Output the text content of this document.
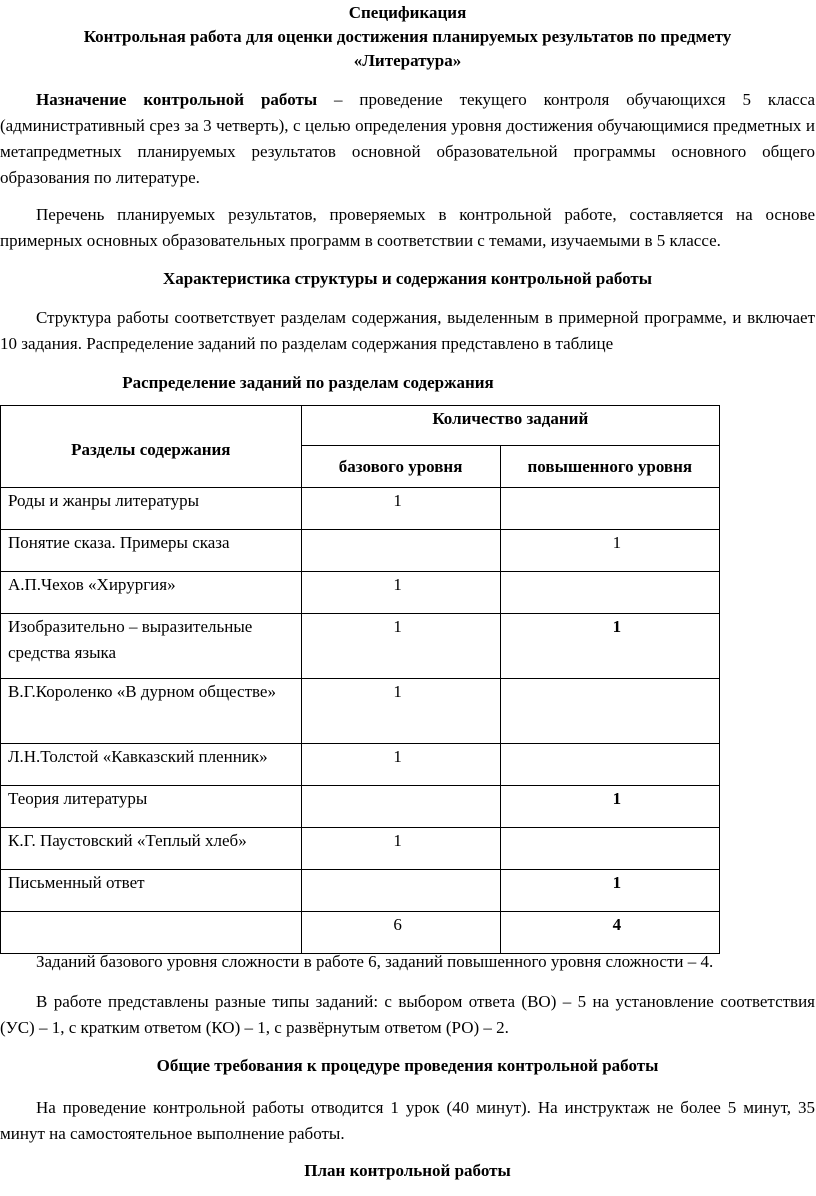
Спецификация

Контрольная работа для оценки достижения планируемых результатов по предмету

«Литература»

Назначение контрольной работы – проведение текущего контроля обучающихся 5 класса (административный срез за 3 четверть), с целью определения уровня достижения обучающимися предметных и метапредметных планируемых результатов основной образовательной программы основного общего образования по литературе.

Перечень планируемых результатов, проверяемых в контрольной работе, составляется на основе примерных основных образовательных программ в соответствии с темами, изучаемыми в 5 классе.

Характеристика структуры и содержания контрольной работы

Структура работы соответствует разделам содержания, выделенным в примерной программе, и включает 10 задания. Распределение заданий по разделам содержания представлено в таблице

Распределение заданий по разделам содержания

Разделы содержания	Количество заданий	
	базового уровня	повышенного уровня
Роды и жанры литературы	1	
Понятие сказа. Примеры сказа		1
А.П.Чехов «Хирургия»	1	
Изобразительно – выразительные средства языка	1	1
В.Г.Короленко «В дурном обществе»	1	
Л.Н.Толстой «Кавказский пленник»	1	
Теория литературы		1
К.Г. Паустовский «Теплый хлеб»	1	
Письменный ответ		1
	6	4

Заданий базового уровня сложности в работе 6, заданий повышенного уровня сложности – 4.

В работе представлены разные типы заданий: с выбором ответа (ВО) – 5 на установление соответствия (УС) – 1, с кратким ответом (КО) – 1, с развёрнутым ответом (РО) – 2.

Общие требования к процедуре проведения контрольной работы

На проведение контрольной работы отводится 1 урок (40 минут). На инструктаж не более 5 минут, 35 минут на самостоятельное выполнение работы.

План контрольной работы
